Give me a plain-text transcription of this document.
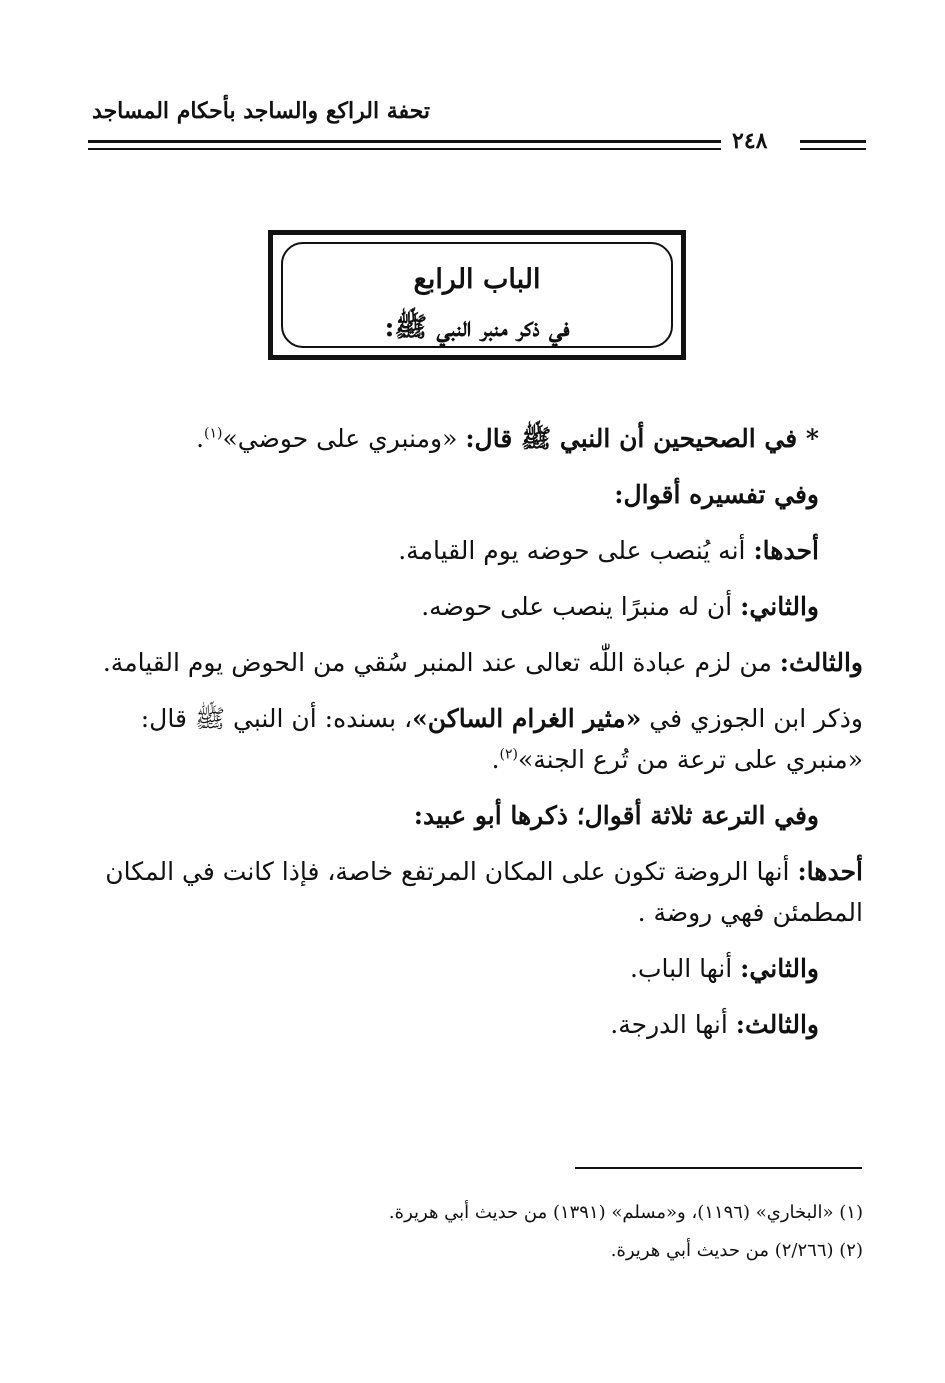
تحفة الراكع والساجد بأحكام المساجد
٢٤٨
الباب الرابع
في ذكر منبر النبي ﷺ:

* في الصحيحين أن النبي ﷺ قال: «ومنبري على حوضي»$^{(١)}$.

وفي تفسيره أقوال:

أحدها: أنه يُنصب على حوضه يوم القيامة.

والثاني: أن له منبرًا ينصب على حوضه.

والثالث: من لزم عبادة اللّٰه تعالى عند المنبر سُقي من الحوض يوم القيامة.

وذكر ابن الجوزي في «مثير الغرام الساكن»، بسنده: أن النبي ﷺ قال: «منبري على ترعة من تُرع الجنة»$^{(٢)}$.

وفي الترعة ثلاثة أقوال؛ ذكرها أبو عبيد:

أحدها: أنها الروضة تكون على المكان المرتفع خاصة، فإذا كانت في المكان المطمئن فهي روضة .

والثاني: أنها الباب.

والثالث: أنها الدرجة.

(١) «البخاري» (١١٩٦)، و«مسلم» (١٣٩١) من حديث أبي هريرة.
(٢) (٢/٢٦٦) من حديث أبي هريرة.
